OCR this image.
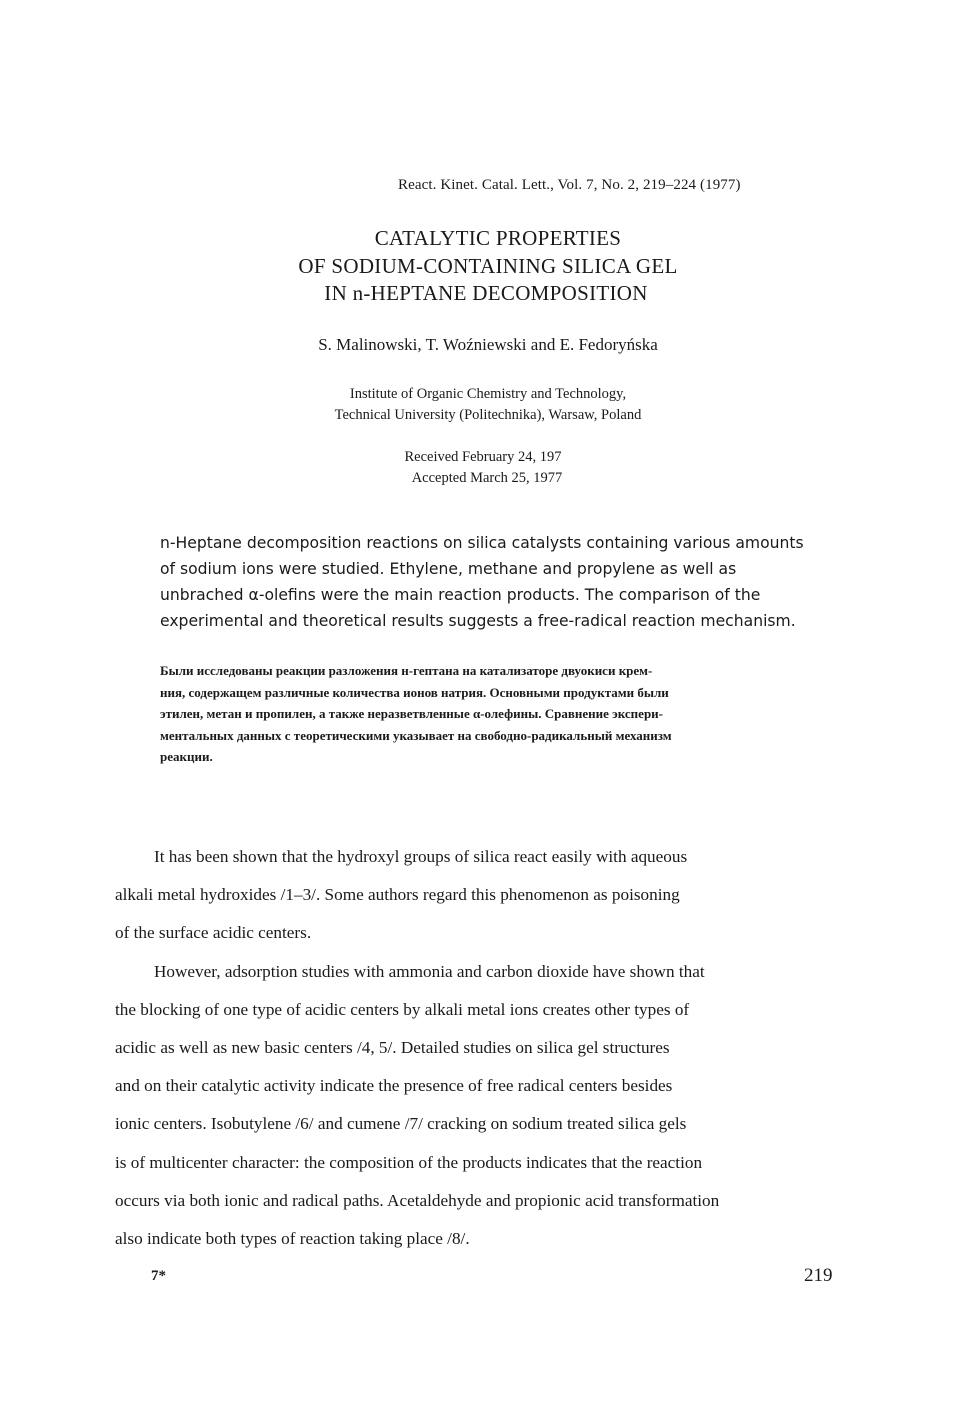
React. Kinet. Catal. Lett., Vol. 7, No. 2, 219–224 (1977)
CATALYTIC PROPERTIES
OF SODIUM-CONTAINING SILICA GEL
IN n-HEPTANE DECOMPOSITION
S. Malinowski, T. Woźniewski and E. Fedoryńska
Institute of Organic Chemistry and Technology,
Technical University (Politechnika), Warsaw, Poland
Received February 24, 197
Accepted March 25, 1977
n-Heptane decomposition reactions on silica catalysts containing various amounts
of sodium ions were studied. Ethylene, methane and propylene as well as
unbrached α-olefins were the main reaction products. The comparison of the
experimental and theoretical results suggests a free-radical reaction mechanism.
Были исследованы реакции разложения н-гептана на катализаторе двуокиси крем-
ния, содержащем различные количества ионов натрия. Основными продуктами были
этилен, метан и пропилен, а также неразветвленные α-олефины. Сравнение экспери-
ментальных данных с теоретическими указывает на свободно-радикальный механизм
реакции.
It has been shown that the hydroxyl groups of silica react easily with aqueous
alkali metal hydroxides /1–3/. Some authors regard this phenomenon as poisoning
of the surface acidic centers.
However, adsorption studies with ammonia and carbon dioxide have shown that
the blocking of one type of acidic centers by alkali metal ions creates other types of
acidic as well as new basic centers /4, 5/. Detailed studies on silica gel structures
and on their catalytic activity indicate the presence of free radical centers besides
ionic centers. Isobutylene /6/ and cumene /7/ cracking on sodium treated silica gels
is of multicenter character: the composition of the products indicates that the reaction
occurs via both ionic and radical paths. Acetaldehyde and propionic acid transformation
also indicate both types of reaction taking place /8/.
7*	219
